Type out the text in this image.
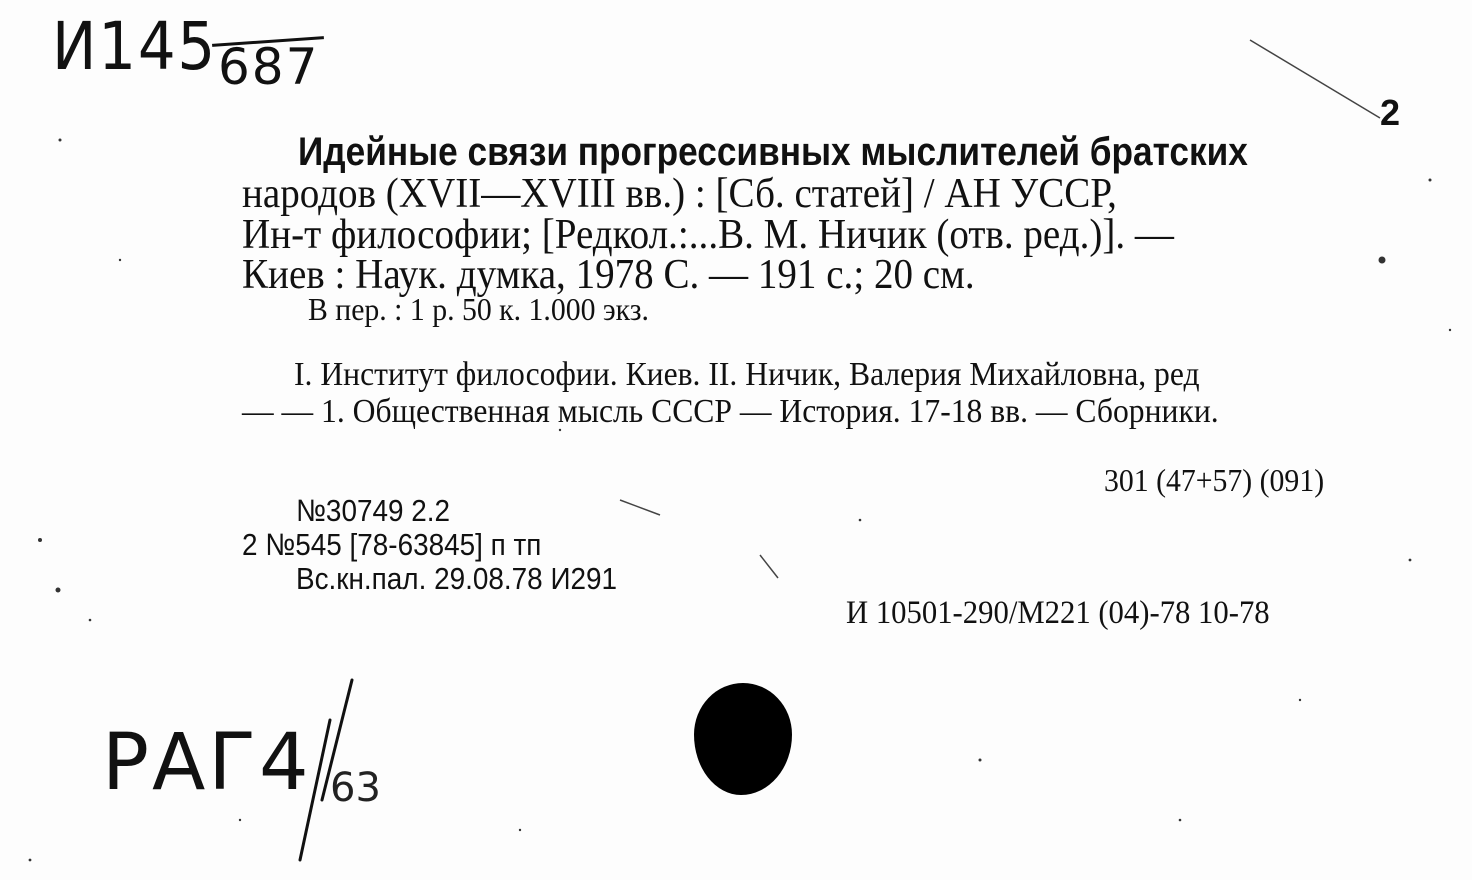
И145 687
2
Идейные связи прогрессивных мыслителей братских
народов (XVII—XVIII вв.) : [Сб. статей] / АН УССР,
Ин-т философии; [Редкол.:...В. М. Ничик (отв. ред.)]. —
Киев : Наук. думка, 1978 С. — 191 с.; 20 см.
В пер. : 1 р. 50 к. 1.000 экз.
I. Институт философии. Киев. II. Ничик, Валерия Михайловна, ред
— — 1. Общественная мысль СССР — История. 17-18 вв. — Сборники.
301 (47+57) (091)
№30749 2.2
2 №545 [78-63845] п тп
Вс.кн.пал. 29.08.78 И291
И 10501-290/М221 (04)-78 10-78
РАГ4 63
